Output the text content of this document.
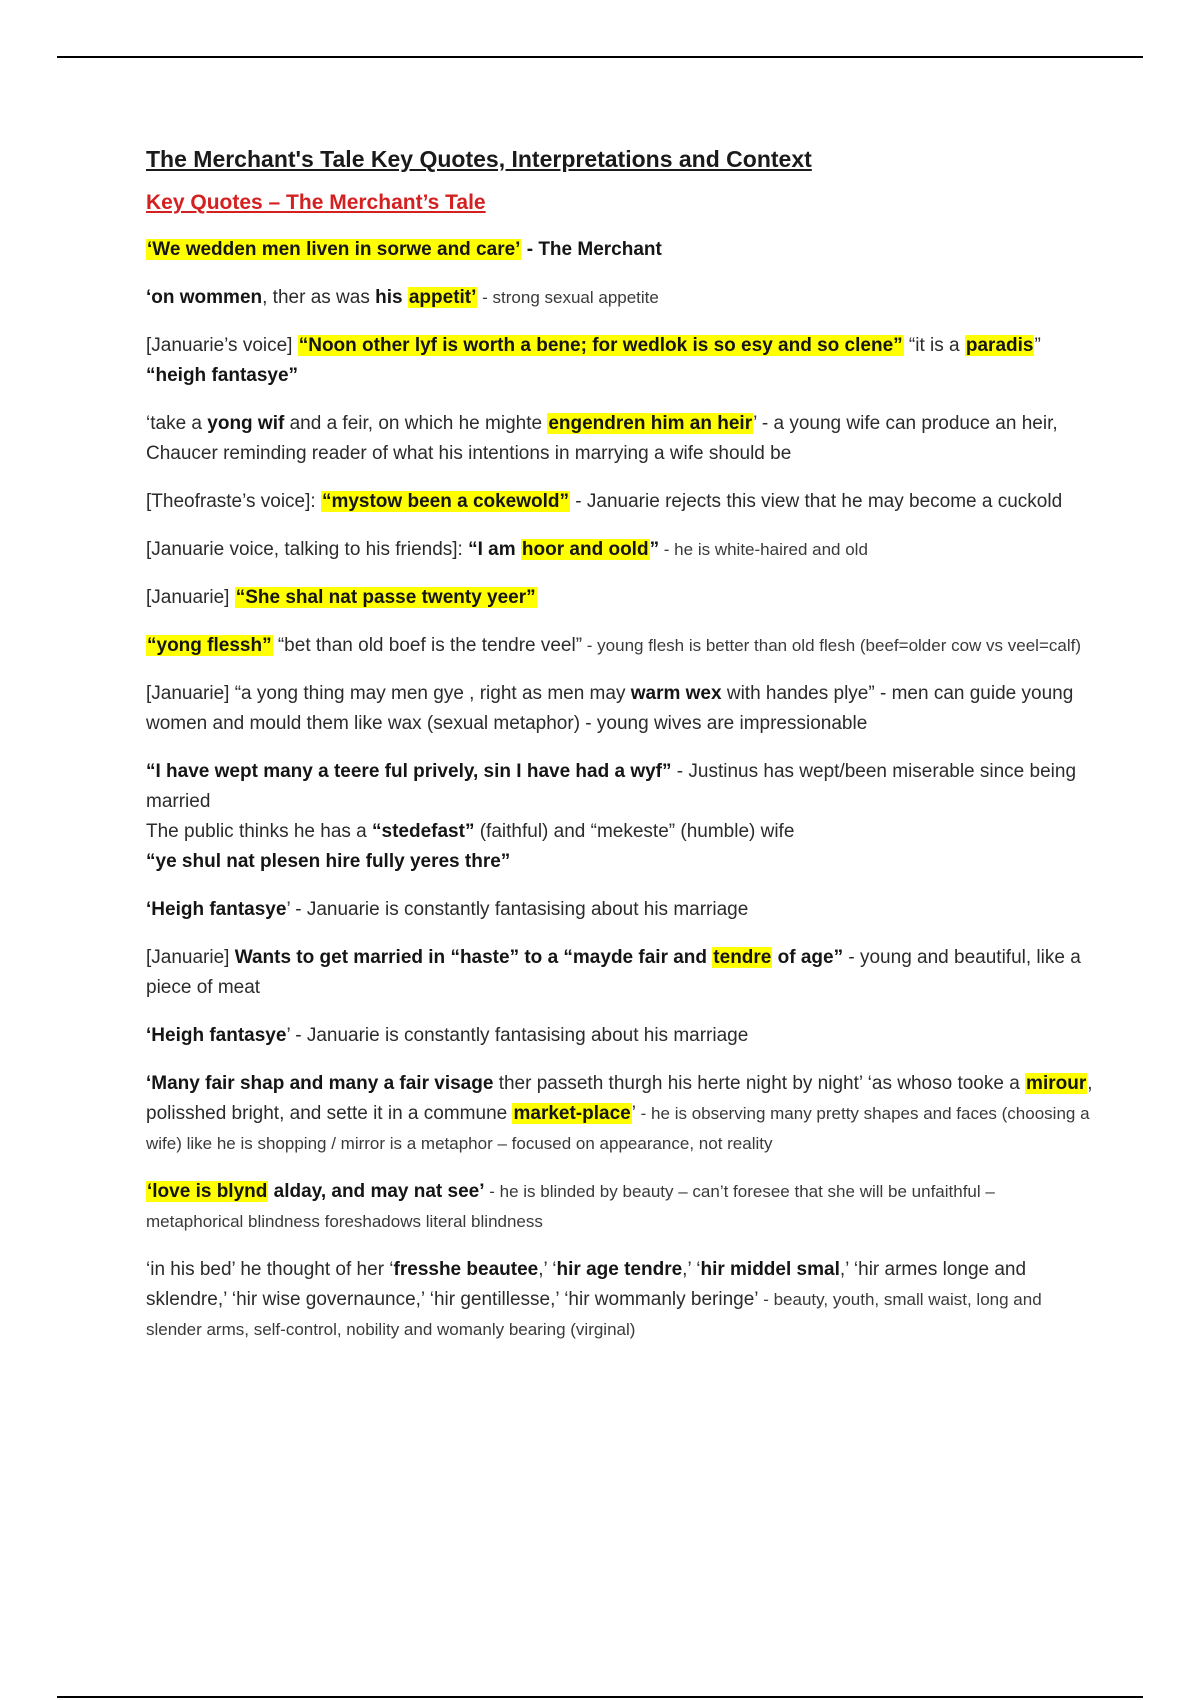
The Merchant's Tale Key Quotes, Interpretations and Context
Key Quotes – The Merchant’s Tale
‘We wedden men liven in sorwe and care’ - The Merchant
‘on wommen, ther as was his appetit’ - strong sexual appetite
[Januarie’s voice] “Noon other lyf is worth a bene; for wedlok is so esy and so clene” “it is a paradis” “heigh fantasye”
‘take a yong wif and a feir, on which he mighte engendren him an heir’ - a young wife can produce an heir, Chaucer reminding reader of what his intentions in marrying a wife should be
[Theofraste’s voice]: “mystow been a cokewold” - Januarie rejects this view that he may become a cuckold
[Januarie voice, talking to his friends]: “I am hoor and oold” - he is white-haired and old
[Januarie] “She shal nat passe twenty yeer”
“yong flessh” “bet than old boef is the tendre veel” - young flesh is better than old flesh (beef=older cow vs veel=calf)
[Januarie] “a yong thing may men gye , right as men may warm wex with handes plye” - men can guide young women and mould them like wax (sexual metaphor) - young wives are impressionable
“I have wept many a teere ful prively, sin I have had a wyf” - Justinus has wept/been miserable since being married
The public thinks he has a “stedefast” (faithful) and “mekeste” (humble) wife
“ye shul nat plesen hire fully yeres thre”
‘Heigh fantasye’ - Januarie is constantly fantasising about his marriage
[Januarie] Wants to get married in “haste” to a “mayde fair and tendre of age” - young and beautiful, like a piece of meat
‘Heigh fantasye’ - Januarie is constantly fantasising about his marriage
‘Many fair shap and many a fair visage ther passeth thurgh his herte night by night’ ‘as whoso tooke a mirour, polisshed bright, and sette it in a commune market-place’ - he is observing many pretty shapes and faces (choosing a wife) like he is shopping / mirror is a metaphor – focused on appearance, not reality
‘love is blynd alday, and may nat see’ - he is blinded by beauty – can’t foresee that she will be unfaithful – metaphorical blindness foreshadows literal blindness
‘in his bed’ he thought of her ‘fresshe beautee,’ ‘hir age tendre,’ ‘hir middel smal,’ ‘hir armes longe and sklendre,’ ‘hir wise governaunce,’ ‘hir gentillesse,’ ‘hir wommanly beringe’ - beauty, youth, small waist, long and slender arms, self-control, nobility and womanly bearing (virginal)
